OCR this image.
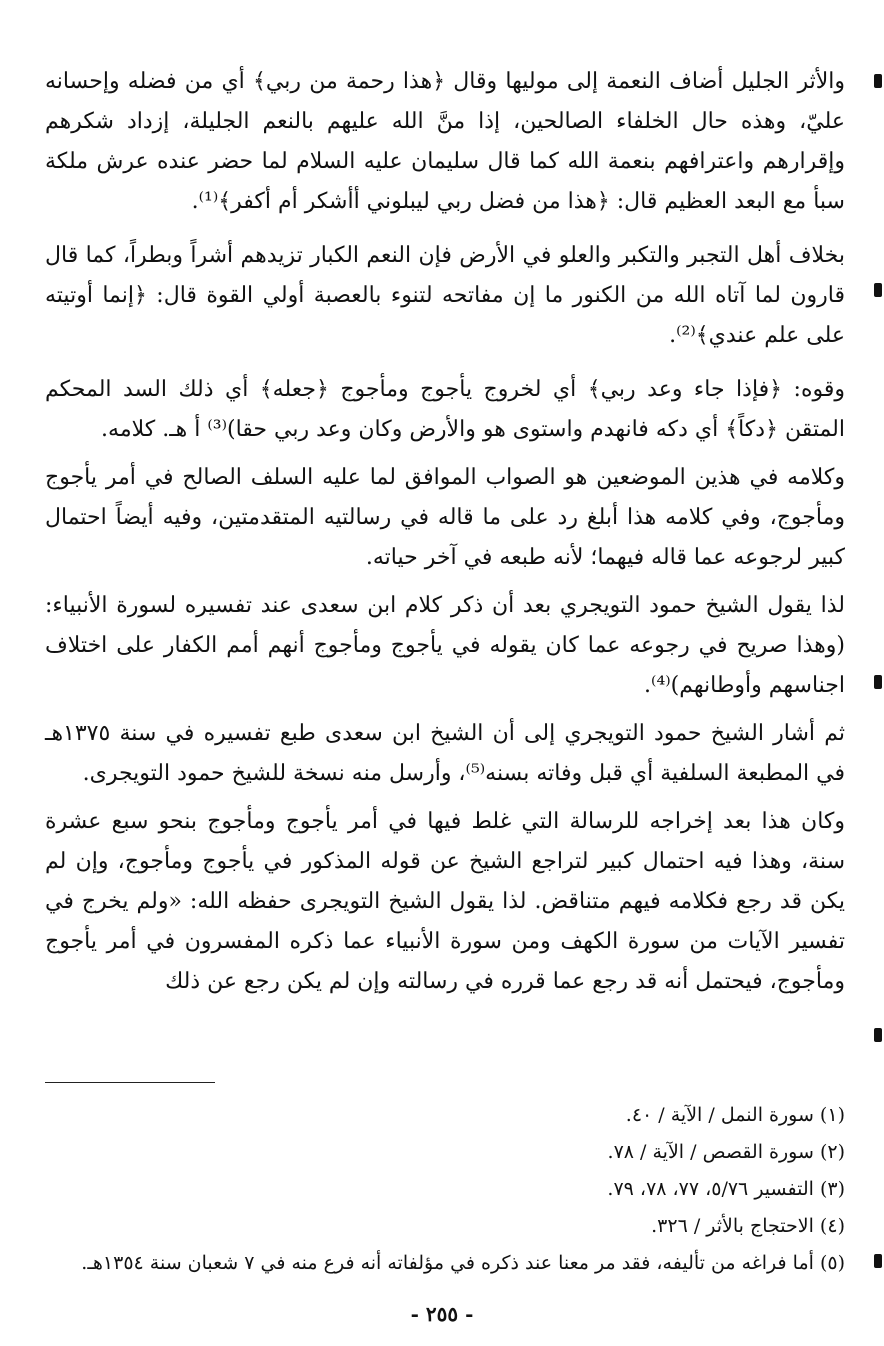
والأثر الجليل أضاف النعمة إلى موليها وقال ﴿هذا رحمة من ربي﴾ أي من فضله وإحسانه عليّ، وهذه حال الخلفاء الصالحين، إذا منَّ الله عليهم بالنعم الجليلة، إزداد شكرهم وإقرارهم واعترافهم بنعمة الله كما قال سليمان عليه السلام لما حضر عنده عرش ملكة سبأ مع البعد العظيم قال: ﴿هذا من فضل ربي ليبلوني أأشكر أم أكفر﴾⁽¹⁾.

بخلاف أهل التجبر والتكبر والعلو في الأرض فإن النعم الكبار تزيدهم أشراً وبطراً، كما قال قارون لما آتاه الله من الكنور ما إن مفاتحه لتنوء بالعصبة أولي القوة قال: ﴿إنما أوتيته على علم عندي﴾⁽²⁾.

وقوه: ﴿فإذا جاء وعد ربي﴾ أي لخروج يأجوج ومأجوج ﴿جعله﴾ أي ذلك السد المحكم المتقن ﴿دكاً﴾ أي دكه فانهدم واستوى هو والأرض وكان وعد ربي حقا)⁽³⁾ أ هـ. كلامه.

وكلامه في هذين الموضعين هو الصواب الموافق لما عليه السلف الصالح في أمر يأجوج ومأجوج، وفي كلامه هذا أبلغ رد على ما قاله في رسالتيه المتقدمتين، وفيه أيضاً احتمال كبير لرجوعه عما قاله فيهما؛ لأنه طبعه في آخر حياته.

لذا يقول الشيخ حمود التويجري بعد أن ذكر كلام ابن سعدى عند تفسيره لسورة الأنبياء: (وهذا صريح في رجوعه عما كان يقوله في يأجوج ومأجوج أنهم أمم الكفار على اختلاف اجناسهم وأوطانهم)⁽⁴⁾.

ثم أشار الشيخ حمود التويجري إلى أن الشيخ ابن سعدى طبع تفسيره في سنة ١٣٧٥هـ في المطبعة السلفية أي قبل وفاته بسنه⁽⁵⁾، وأرسل منه نسخة للشيخ حمود التويجرى.

وكان هذا بعد إخراجه للرسالة التي غلط فيها في أمر يأجوج ومأجوج بنحو سبع عشرة سنة، وهذا فيه احتمال كبير لتراجع الشيخ عن قوله المذكور في يأجوج ومأجوج، وإن لم يكن قد رجع فكلامه فيهم متناقض. لذا يقول الشيخ التويجرى حفظه الله: «ولم يخرج في تفسير الآيات من سورة الكهف ومن سورة الأنبياء عما ذكره المفسرون في أمر يأجوج ومأجوج، فيحتمل أنه قد رجع عما قرره في رسالته وإن لم يكن رجع عن ذلك

(١) سورة النمل / الآية / ٤٠.

(٢) سورة القصص / الآية / ٧٨.

(٣) التفسير ٥/٧٦، ٧٧، ٧٨، ٧٩.

(٤) الاحتجاج بالأثر / ٣٢٦.

(٥) أما فراغه من تأليفه، فقد مر معنا عند ذكره في مؤلفاته أنه فرع منه في ٧ شعبان سنة ١٣٥٤هـ.

- ٢٥٥ -
